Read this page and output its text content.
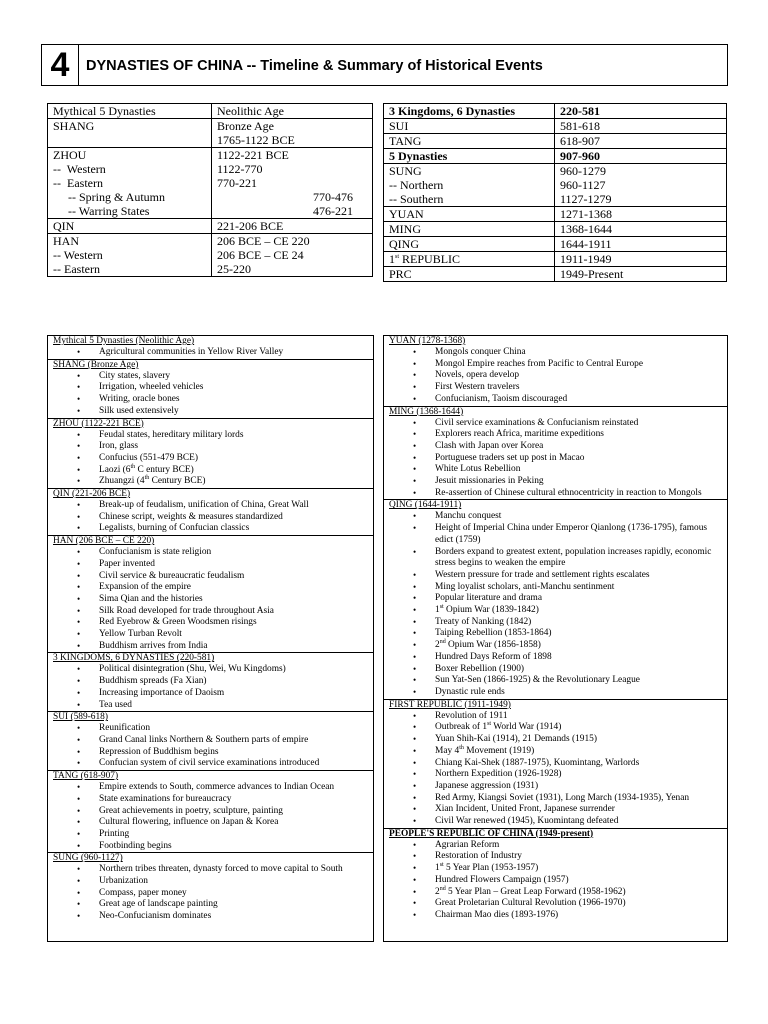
4	DYNASTIES OF CHINA -- Timeline & Summary of Historical Events
Mythical 5 Dynasties	Neolithic Age

SHANG	Bronze Age

	1765-1122 BCE

ZHOU	1122-221 BCE

--  Western	1122-770

--  Eastern	770-221

-- Spring & Autumn	770-476

-- Warring States	476-221

QIN	221-206 BCE

HAN	206 BCE – CE 220

-- Western	206 BCE – CE 24

-- Eastern	25-220
3 Kingdoms, 6 Dynasties	220-581
SUI	581-618
TANG	618-907
5 Dynasties	907-960
SUNG	960-1279

-- Northern	960-1127
-- Southern	1127-1279
YUAN	1271-1368
MING	1368-1644
QING	1644-1911
1st REPUBLIC	1911-1949
PRC	1949-Present
Mythical 5 Dynasties (Neolithic Age)
• Agricultural communities in Yellow River Valley
SHANG (Bronze Age)
• City states, slavery
• Irrigation, wheeled vehicles
• Writing, oracle bones
• Silk used extensively
ZHOU (1122-221 BCE)
• Feudal states, hereditary military lords
• Iron, glass
• Confucius (551-479 BCE)
• Laozi (6th C entury BCE)
• Zhuangzi (4th Century BCE)
QIN (221-206 BCE)
• Break-up of feudalism, unification of China, Great Wall
• Chinese script, weights & measures standardized
• Legalists, burning of Confucian classics
HAN (206 BCE – CE 220)
• Confucianism is state religion
• Paper invented
• Civil service & bureaucratic feudalism
• Expansion of the empire
• Sima Qian and the histories
• Silk Road developed for trade throughout Asia
• Red Eyebrow & Green Woodsmen risings
• Yellow Turban Revolt
• Buddhism arrives from India
3 KINGDOMS, 6 DYNASTIES (220-581)
• Political disintegration (Shu, Wei, Wu Kingdoms)
• Buddhism spreads (Fa Xian)
• Increasing importance of Daoism
• Tea used
SUI (589-618)
• Reunification
• Grand Canal links Northern & Southern parts of empire
• Repression of Buddhism begins
• Confucian system of civil service examinations introduced
TANG (618-907)
• Empire extends to South, commerce advances to Indian Ocean
• State examinations for bureaucracy
• Great achievements in poetry, sculpture, painting
• Cultural flowering, influence on Japan & Korea
• Printing
• Footbinding begins
SUNG (960-1127)
• Northern tribes threaten, dynasty forced to move capital to South
• Urbanization
• Compass, paper money
• Great age of landscape painting
• Neo-Confucianism dominates
YUAN (1278-1368)
• Mongols conquer China
• Mongol Empire reaches from Pacific to Central Europe
• Novels, opera develop
• First Western travelers
• Confucianism, Taoism discouraged
MING (1368-1644)
• Civil service examinations & Confucianism reinstated
• Explorers reach Africa, maritime expeditions
• Clash with Japan over Korea
• Portuguese traders set up post in Macao
• White Lotus Rebellion
• Jesuit missionaries in Peking
• Re-assertion of Chinese cultural ethnocentricity in reaction to Mongols
QING (1644-1911)
• Manchu conquest
• Height of Imperial China under Emperor Qianlong (1736-1795), famous edict (1759)
• Borders expand to greatest extent, population increases rapidly, economic stress begins to weaken the empire
• Western pressure for trade and settlement rights escalates
• Ming loyalist scholars, anti-Manchu sentinment
• Popular literature and drama
• 1st Opium War (1839-1842)
• Treaty of Nanking (1842)
• Taiping Rebellion (1853-1864)
• 2nd Opium War (1856-1858)
• Hundred Days Reform of 1898
• Boxer Rebellion (1900)
• Sun Yat-Sen (1866-1925) & the Revolutionary League
• Dynastic rule ends
FIRST REPUBLIC (1911-1949)
• Revolution of 1911
• Outbreak of 1st World War (1914)
• Yuan Shih-Kai (1914), 21 Demands (1915)
• May 4th Movement (1919)
• Chiang Kai-Shek (1887-1975), Kuomintang, Warlords
• Northern Expedition (1926-1928)
• Japanese aggression (1931)
• Red Army, Kiangsi Soviet (1931), Long March (1934-1935), Yenan
• Xian Incident, United Front, Japanese surrender
• Civil War renewed (1945), Kuomintang defeated
PEOPLE'S REPUBLIC OF CHINA (1949-present)
• Agrarian Reform
• Restoration of Industry
• 1st 5 Year Plan (1953-1957)
• Hundred Flowers Campaign (1957)
• 2nd 5 Year Plan – Great Leap Forward (1958-1962)
• Great Proletarian Cultural Revolution (1966-1970)
• Chairman Mao dies (1893-1976)
